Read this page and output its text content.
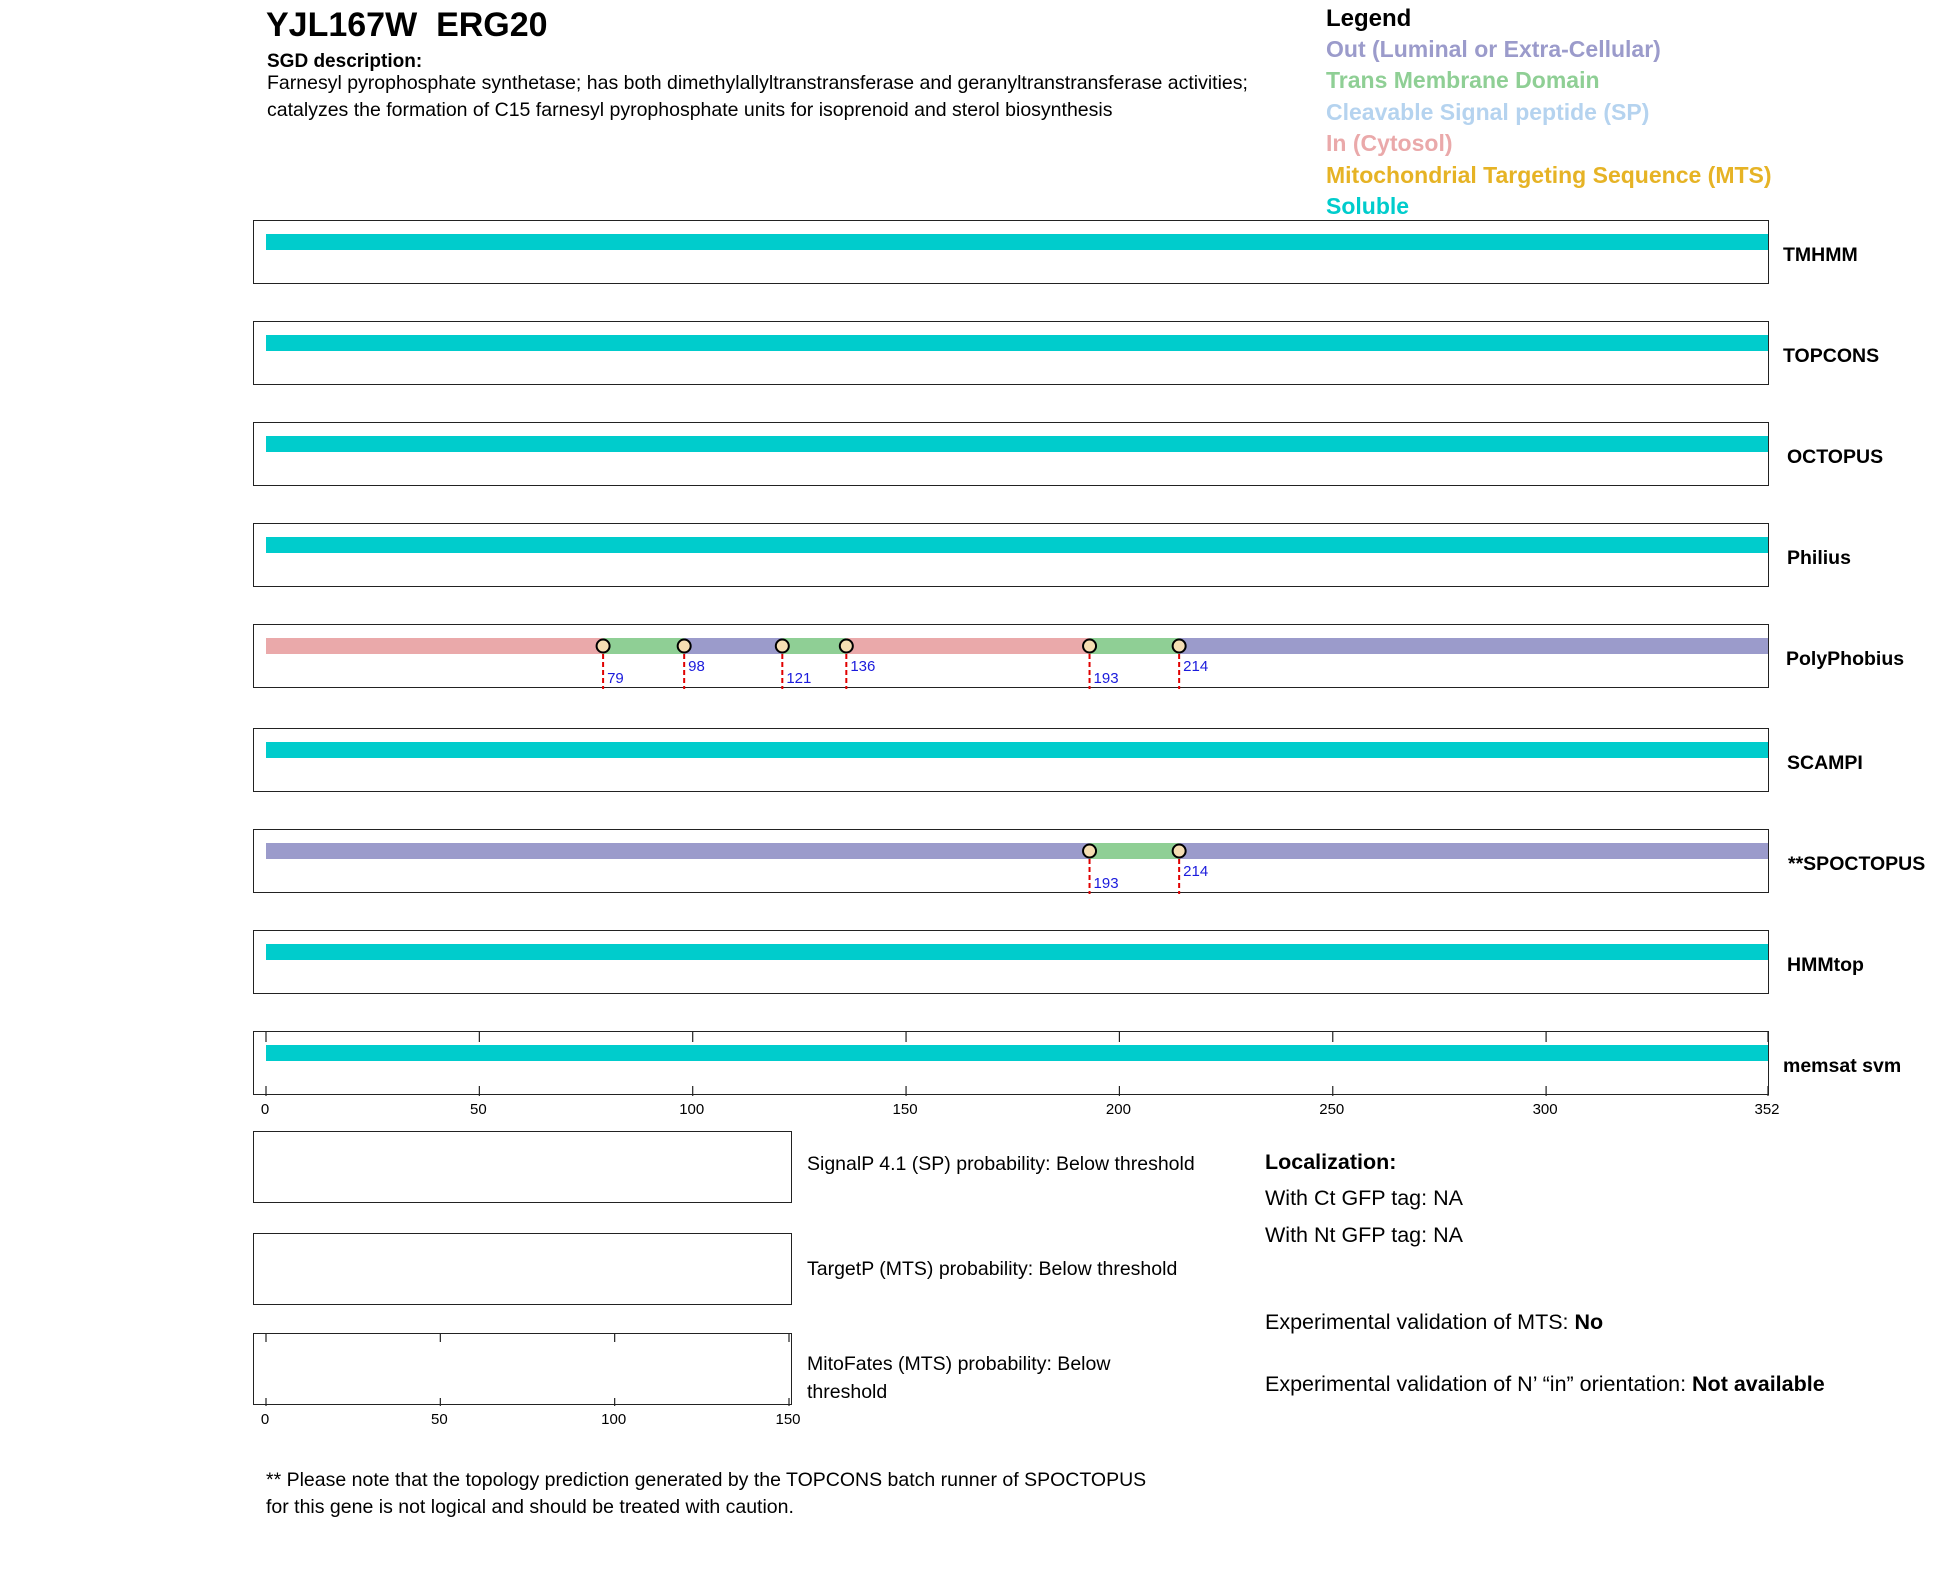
YJL167W  ERG20
SGD description:
Farnesyl pyrophosphate synthetase; has both dimethylallyltranstransferase and geranyltranstransferase activities; catalyzes the formation of C15 farnesyl pyrophosphate units for isoprenoid and sterol biosynthesis
Legend
Out (Luminal or Extra-Cellular)
Trans Membrane Domain
Cleavable Signal peptide (SP)
In (Cytosol)
Mitochondrial Targeting Sequence (MTS)
Soluble
TMHMM
TOPCONS
OCTOPUS
Philius
79
98
121
136
193
214	PolyPhobius
SCAMPI
193
214	**SPOCTOPUS
HMMtop
memsat svm
0	50	100	150	200	250	300	352
SignalP 4.1 (SP) probability: Below threshold
TargetP (MTS) probability: Below threshold
MitoFates (MTS) probability: Below threshold
0	50	100	150
Localization:
With Ct GFP tag: NA
With Nt GFP tag: NA
Experimental validation of MTS: No
Experimental validation of N’ “in” orientation: Not available
** Please note that the topology prediction generated by the TOPCONS batch runner of SPOCTOPUS for this gene is not logical and should be treated with caution.
